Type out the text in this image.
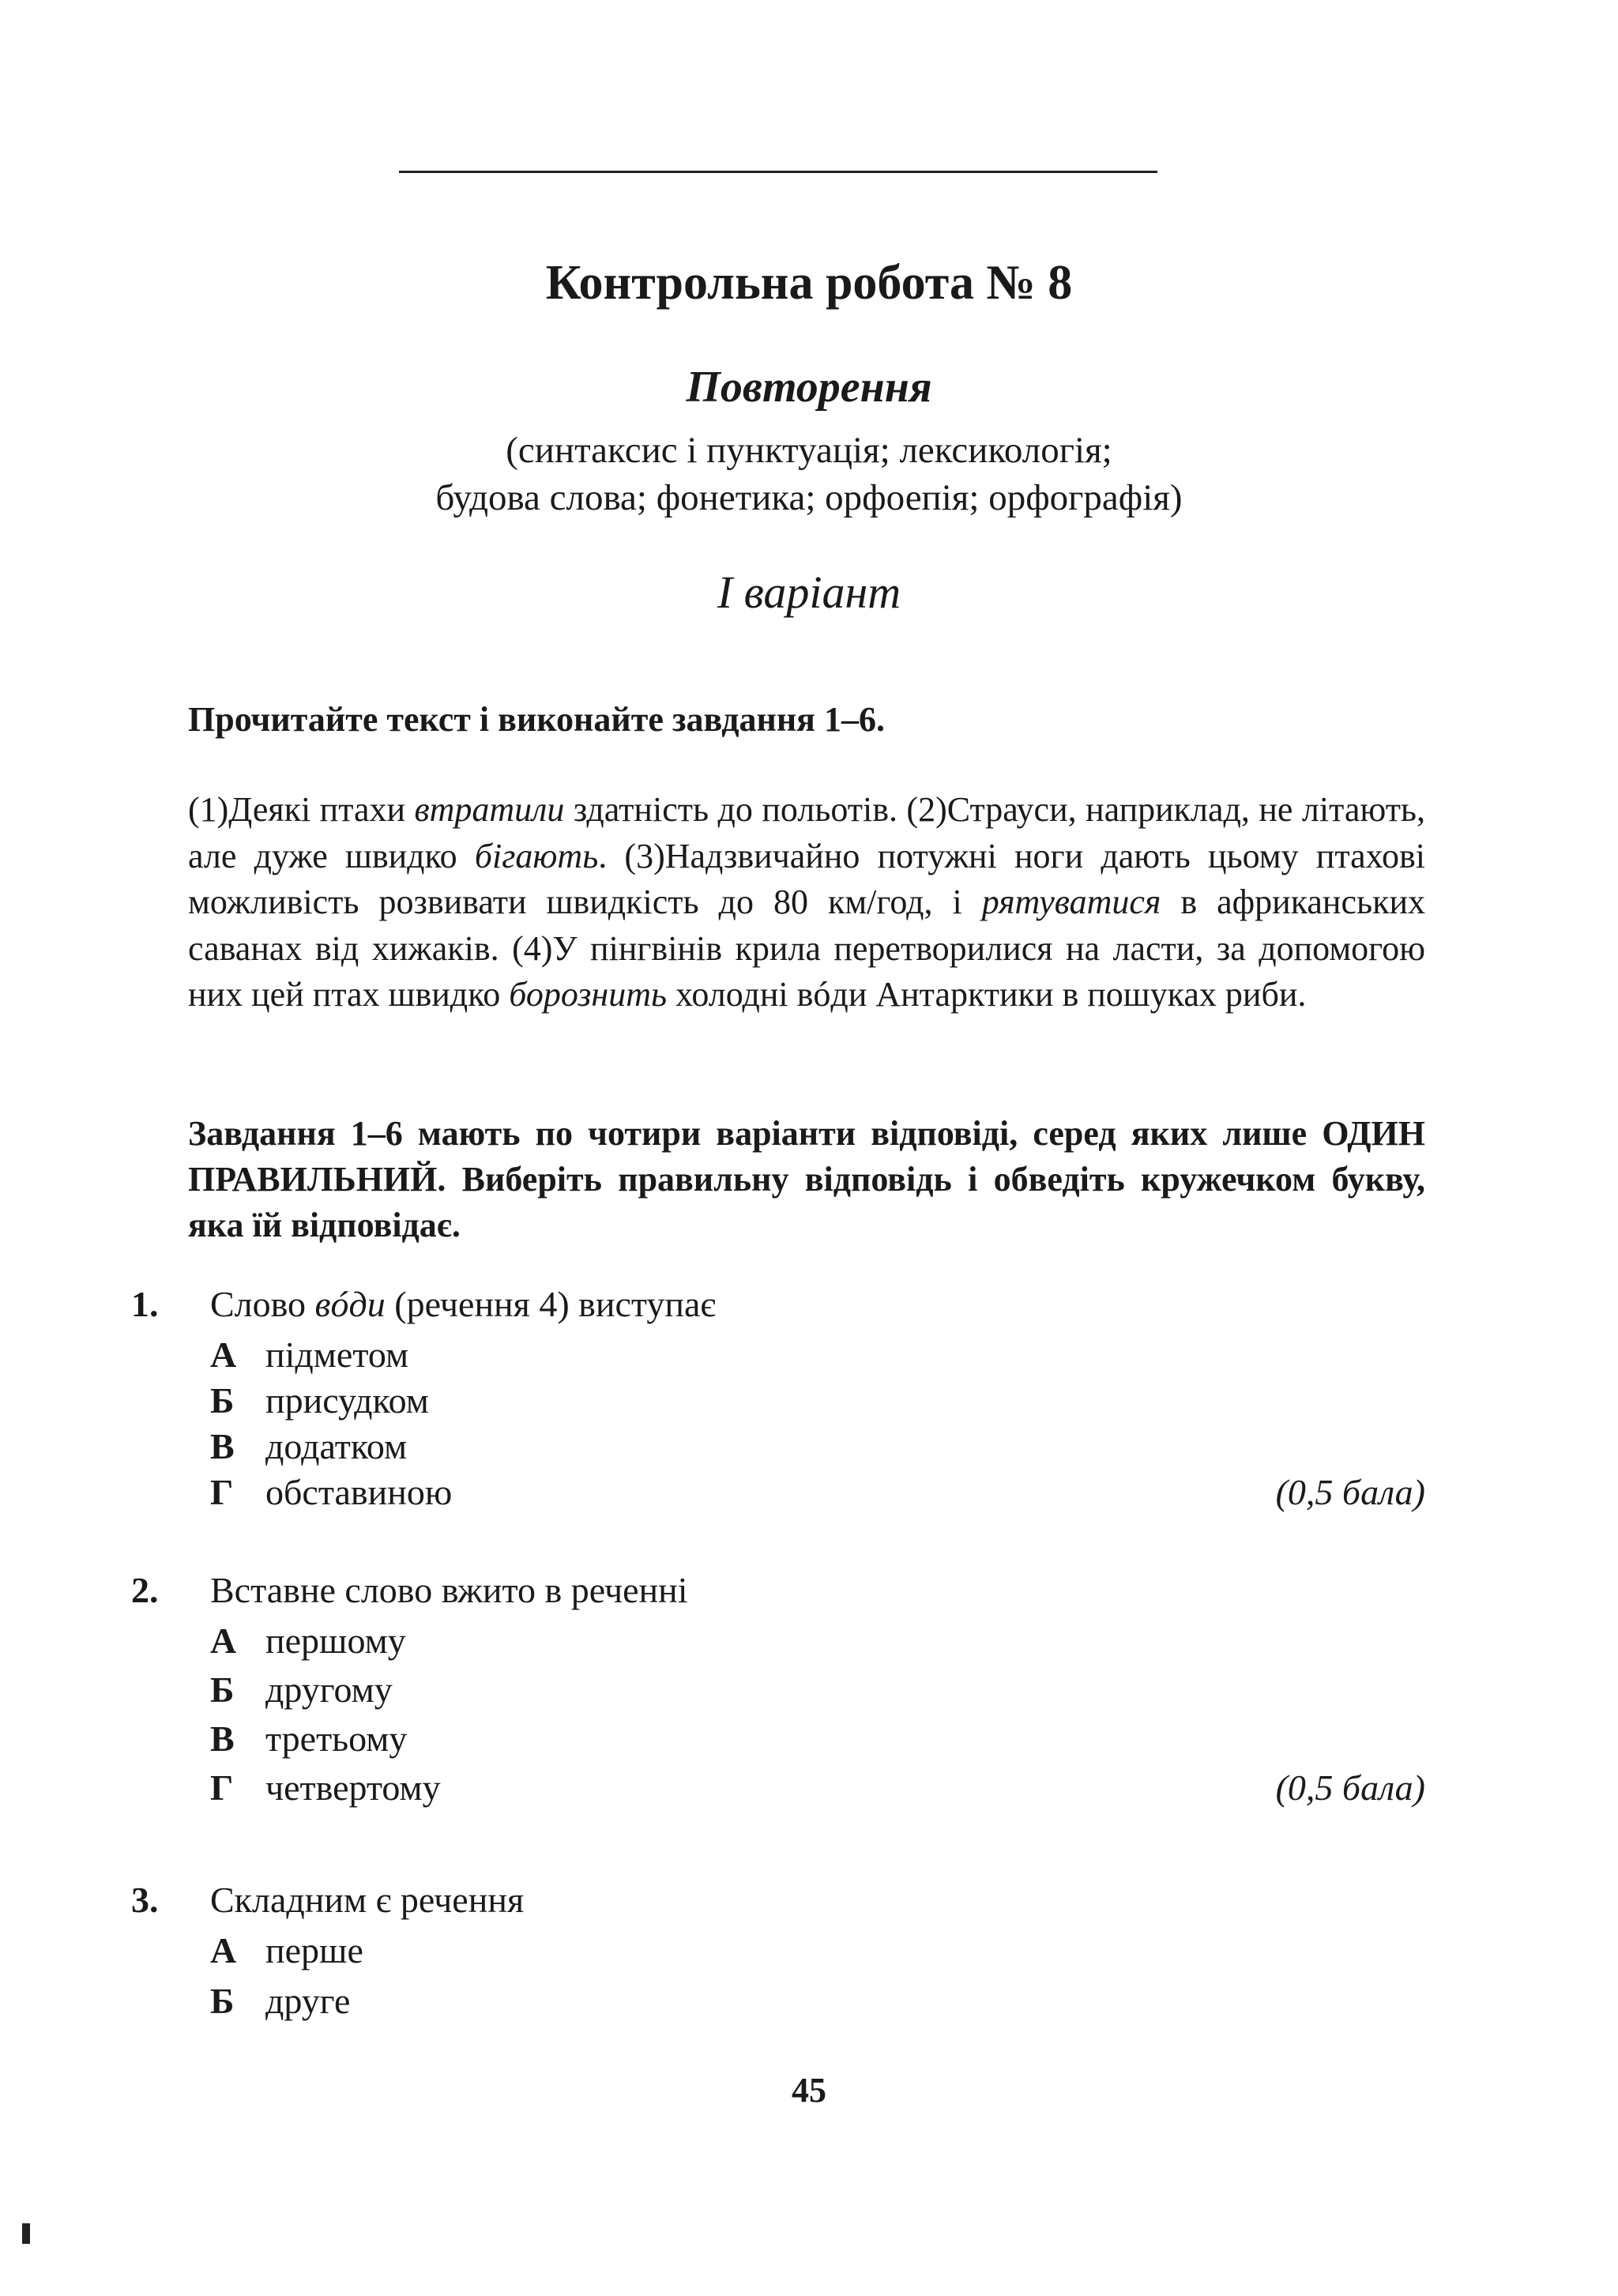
Контрольна робота № 8
Повторення
(синтаксис і пунктуація; лексикологія;
будова слова; фонетика; орфоепія; орфографія)
І варіант
Прочитайте текст і виконайте завдання 1–6.
(1)Деякі птахи втратили здатність до польотів. (2)Страуси, наприклад, не літають, але дуже швидко бігають. (3)Надзвичайно потужні ноги дають цьому птахові можливість розвивати швидкість до 80 км/год, і рятуватися в африканських саванах від хижаків. (4)У пінгвінів крила перетворилися на ласти, за допомогою них цей птах швидко борознить холодні вóди Антарктики в пошуках риби.
Завдання 1–6 мають по чотири варіанти відповіді, серед яких лише ОДИН ПРАВИЛЬНИЙ. Виберіть правильну відповідь і обведіть кружечком букву, яка їй відповідає.
1. Слово вóди (речення 4) виступає
А підметом
Б присудком
В додатком
Г обставиною	(0,5 бала)
2. Вставне слово вжито в реченні
А першому
Б другому
В третьому
Г четвертому	(0,5 бала)
3. Складним є речення
А перше
Б друге
45
